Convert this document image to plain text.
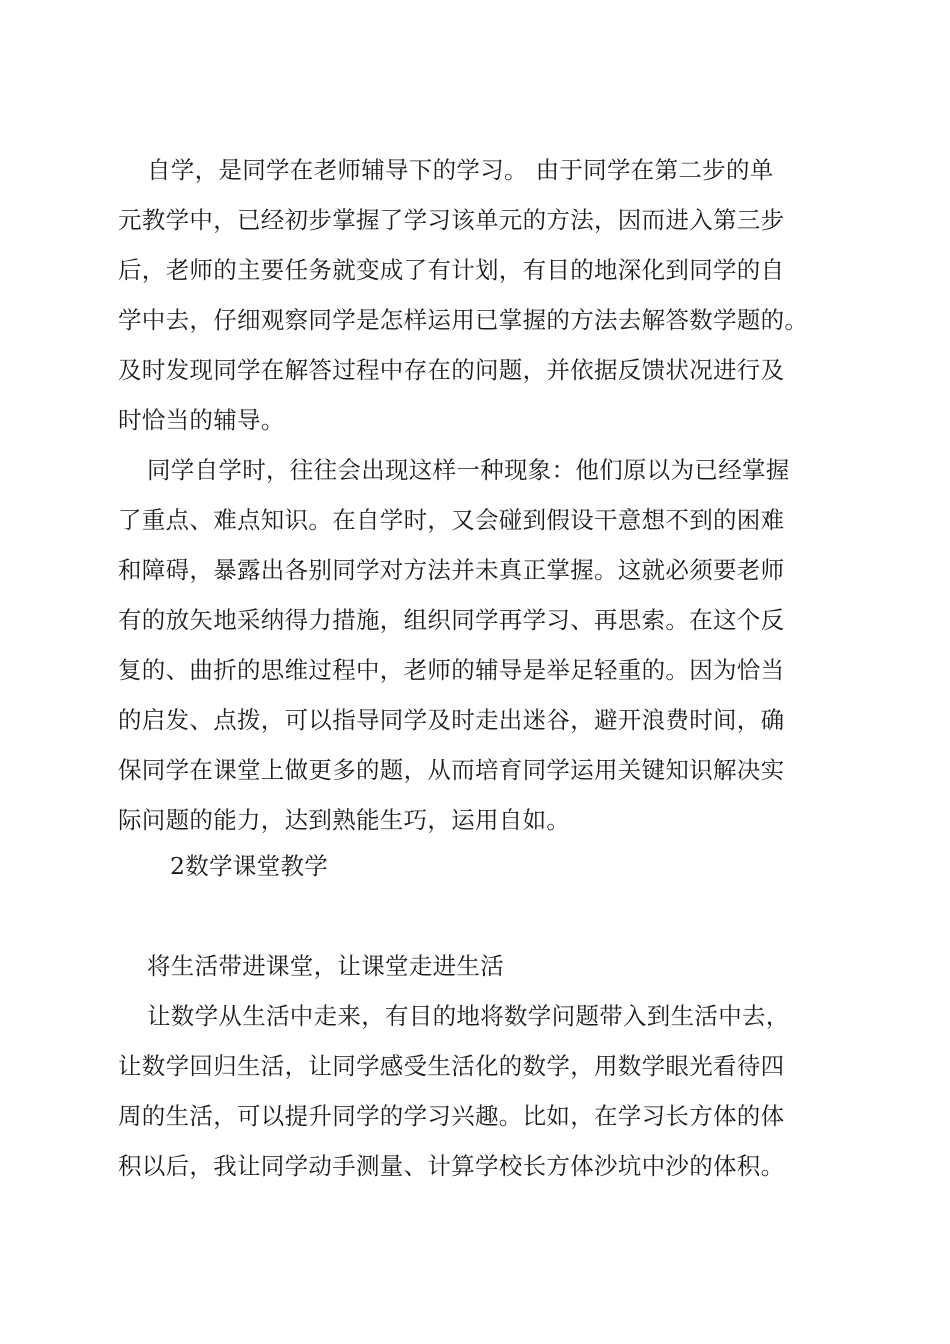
自学，是同学在老师辅导下的学习。 由于同学在第二步的单
元教学中，已经初步掌握了学习该单元的方法，因而进入第三步
后，老师的主要任务就变成了有计划，有目的地深化到同学的自
学中去，仔细观察同学是怎样运用已掌握的方法去解答数学题的。
及时发现同学在解答过程中存在的问题，并依据反馈状况进行及
时恰当的辅导。
同学自学时，往往会出现这样一种现象：他们原以为已经掌握
了重点、难点知识。在自学时，又会碰到假设干意想不到的困难
和障碍，暴露出各别同学对方法并未真正掌握。这就必须要老师
有的放矢地采纳得力措施，组织同学再学习、再思索。在这个反
复的、曲折的思维过程中，老师的辅导是举足轻重的。因为恰当
的启发、点拨，可以指导同学及时走出迷谷，避开浪费时间，确
保同学在课堂上做更多的题，从而培育同学运用关键知识解决实
际问题的能力，达到熟能生巧，运用自如。
2数学课堂教学
将生活带进课堂，让课堂走进生活
让数学从生活中走来，有目的地将数学问题带入到生活中去，
让数学回归生活，让同学感受生活化的数学，用数学眼光看待四
周的生活，可以提升同学的学习兴趣。比如，在学习长方体的体
积以后，我让同学动手测量、计算学校长方体沙坑中沙的体积。
